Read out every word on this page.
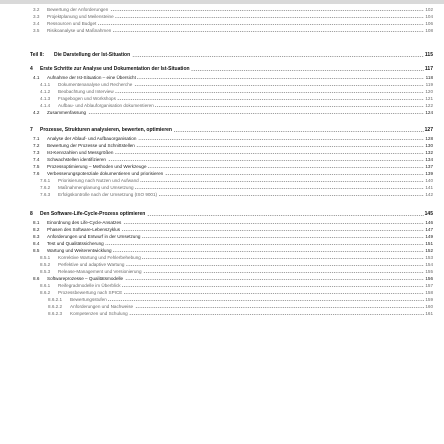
3.2 Bewertung der Anforderungen	102
3.3 Projektplanung und Meilensteine	104
3.4 Ressourcen und Budget	106
3.5 Risikoanalyse und Maßnahmen	108
Teil II: Die Darstellung der Ist-Situation	115
4 Erste Schritte zur Analyse und Dokumentation der Ist-Situation	117
4.1 Aufnahme der Ist-Situation – eine Übersicht	118
4.1.1 Dokumentenanalyse und Recherche	119
4.1.2 Beobachtung und Interview	120
4.1.3 Fragebogen und Workshops	121
4.1.4 Aufbau- und Ablauforganisation dokumentieren	122
4.2 Zusammenfassung	124
7 Prozesse, Strukturen analysieren, bewerten, optimieren	127
7.1 Analyse der Ablauf- und Aufbauorganisation	128
7.2 Bewertung der Prozesse und Schnittstellen	130
7.3 Ist-Kennzahlen und Messgrößen	132
7.4 Schwachstellen identifizieren	134
7.5 Prozessoptimierung – Methoden und Werkzeuge	137
7.6 Verbesserungspotenziale dokumentieren und priorisieren	139
7.6.1 Priorisierung nach Nutzen und Aufwand	140
7.6.2 Maßnahmenplanung und Umsetzung	141
7.6.3 Erfolgskontrolle nach der Umsetzung (ISO 9001)	142
8 Den Software-Life-Cycle-Prozess optimieren	145
8.1 Einordnung des Life-Cycle-Ansatzes	146
8.2 Phasen des Software-Lebenszyklus	147
8.3 Anforderungen und Entwurf in der Umsetzung	149
8.4 Test und Qualitätssicherung	151
8.5 Wartung und Weiterentwicklung	152
8.5.1 Korrektive Wartung und Fehlerbehebung	153
8.5.2 Perfektive und adaptive Wartung	154
8.5.3 Release-Management und Versionierung	155
8.6 Softwareprozesse – Qualitätsmodelle	156
8.6.1 Reifegradmodelle im Überblick	157
8.6.2 Prozessbewertung nach SPICE	158
8.6.2.1 Bewertungsstufen	159
8.6.2.2 Anforderungen und Nachweise	160
8.6.2.3 Kompetenzen und Schulung	161
